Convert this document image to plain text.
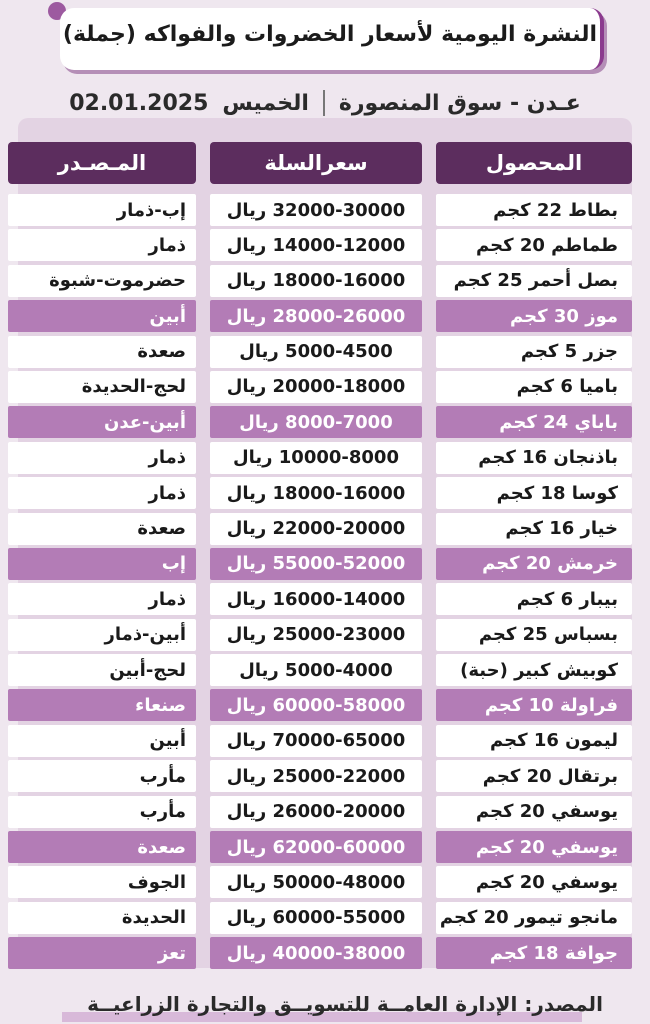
النشرة اليومية لأسعار الخضروات والفواكه (جملة)
02.01.2025 الخميس عـدن - سوق المنصورة
المحصول
سعرالسلة
المـصـدر
بطاط 22 كجم
32000-30000 ريال
إب-ذمار
طماطم 20 كجم
14000-12000 ريال
ذمار
بصل أحمر 25 كجم
18000-16000 ريال
حضرموت-شبوة
موز 30 كجم
28000-26000 ريال
أبين
جزر 5 كجم
5000-4500 ريال
صعدة
باميا 6 كجم
20000-18000 ريال
لحج-الحديدة
باباي 24 كجم
8000-7000 ريال
أبين-عدن
باذنجان 16 كجم
10000-8000 ريال
ذمار
كوسا 18 كجم
18000-16000 ريال
ذمار
خيار 16 كجم
22000-20000 ريال
صعدة
خرمش 20 كجم
55000-52000 ريال
إب
بيبار 6 كجم
16000-14000 ريال
ذمار
بسباس 25 كجم
25000-23000 ريال
أبين-ذمار
كوبيش كبير (حبة)
5000-4000 ريال
لحج-أبين
فراولة 10 كجم
60000-58000 ريال
صنعاء
ليمون 16 كجم
70000-65000 ريال
أبين
برتقال 20 كجم
25000-22000 ريال
مأرب
يوسفي 20 كجم
26000-20000 ريال
مأرب
يوسفي 20 كجم
62000-60000 ريال
صعدة
يوسفي 20 كجم
50000-48000 ريال
الجوف
مانجو تيمور 20 كجم
60000-55000 ريال
الحديدة
جوافة 18 كجم
40000-38000 ريال
تعز
المصدر: الإدارة العامــة للتسويــق والتجارة الزراعيــة
